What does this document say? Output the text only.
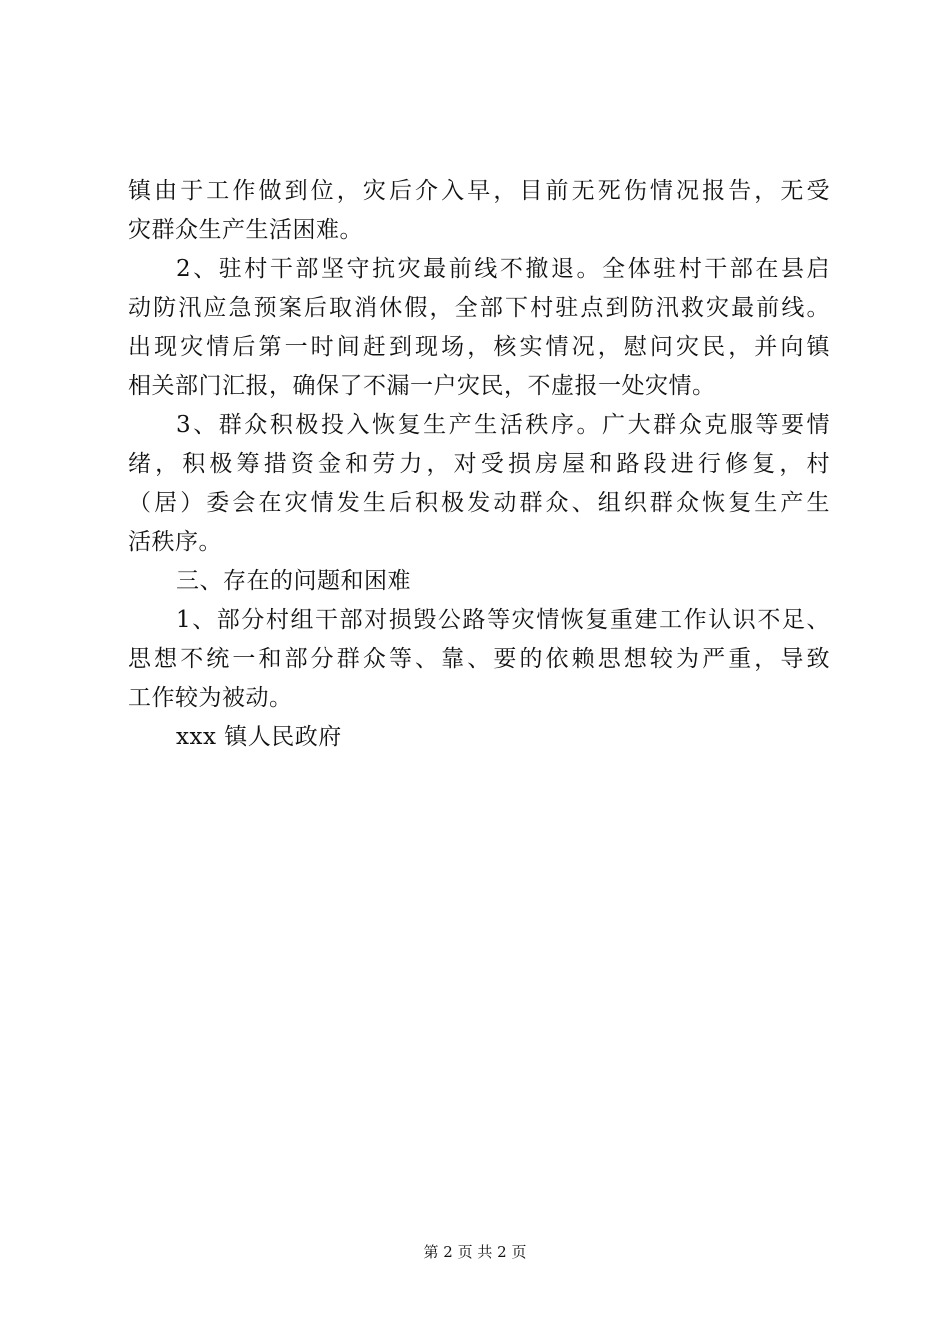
镇由于工作做到位，灾后介入早，目前无死伤情况报告，无受
灾群众生产生活困难。
2、驻村干部坚守抗灾最前线不撤退。全体驻村干部在县启
动防汛应急预案后取消休假，全部下村驻点到防汛救灾最前线。
出现灾情后第一时间赶到现场，核实情况，慰问灾民，并向镇
相关部门汇报，确保了不漏一户灾民，不虚报一处灾情。
3、群众积极投入恢复生产生活秩序。广大群众克服等要情
绪，积极筹措资金和劳力，对受损房屋和路段进行修复，村
（居）委会在灾情发生后积极发动群众、组织群众恢复生产生
活秩序。
三、存在的问题和困难
1、部分村组干部对损毁公路等灾情恢复重建工作认识不足、
思想不统一和部分群众等、靠、要的依赖思想较为严重，导致
工作较为被动。
xxx 镇人民政府
第 2 页 共 2 页
